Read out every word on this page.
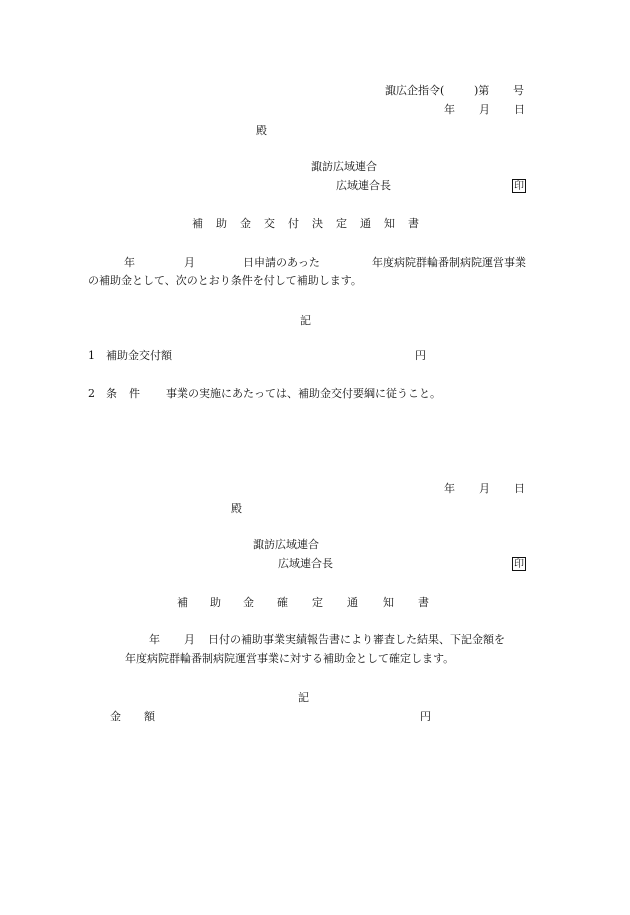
諏広企指令(	)第 号
年 月 日
殿
諏訪広域連合
広域連合長	印
補 助 金 交 付 決 定 通 知 書
年	月	日申請のあった	年度病院群輪番制病院運営事業
の補助金として、次のとおり条件を付して補助します。
記
1 補助金交付額	円
2 条 件 事業の実施にあたっては、補助金交付要綱に従うこと。
年 月 日
殿
諏訪広域連合
広域連合長	印
補 助 金 確 定 通 知 書
年 月 日付の補助事業実績報告書により審査した結果、下記金額を
年度病院群輪番制病院運営事業に対する補助金として確定します。
記
金 額	円
